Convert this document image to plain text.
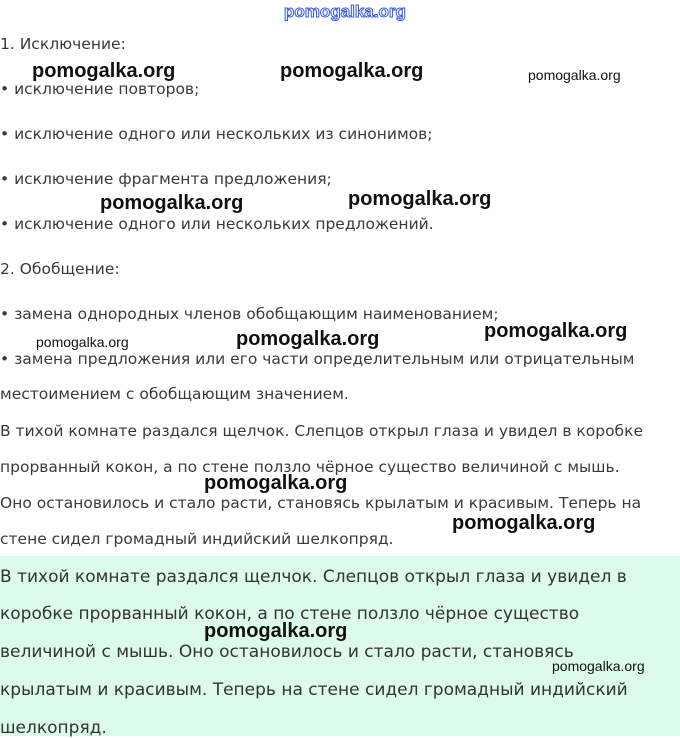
pomogalka.org
1. Исключение:
• исключение повторов;
• исключение одного или нескольких из синонимов;
• исключение фрагмента предложения;
• исключение одного или нескольких предложений.
2. Обобщение:
• замена однородных членов обобщающим наименованием;
• замена предложения или его части определительным или отрицательным
местоимением с обобщающим значением.
В тихой комнате раздался щелчок. Слепцов открыл глаза и увидел в коробке
прорванный кокон, а по стене ползло чёрное существо величиной с мышь.
Оно остановилось и стало расти, становясь крылатым и красивым. Теперь на
стене сидел громадный индийский шелкопряд.
В тихой комнате раздался щелчок. Слепцов открыл глаза и увидел в
коробке прорванный кокон, а по стене ползло чёрное существо
величиной с мышь. Оно остановилось и стало расти, становясь
крылатым и красивым. Теперь на стене сидел громадный индийский
шелкопряд.
pomogalka.org	pomogalka.org	pomogalka.org
pomogalka.org	pomogalka.org
pomogalka.org	pomogalka.org	pomogalka.org
pomogalka.org
pomogalka.org
pomogalka.org
pomogalka.org
